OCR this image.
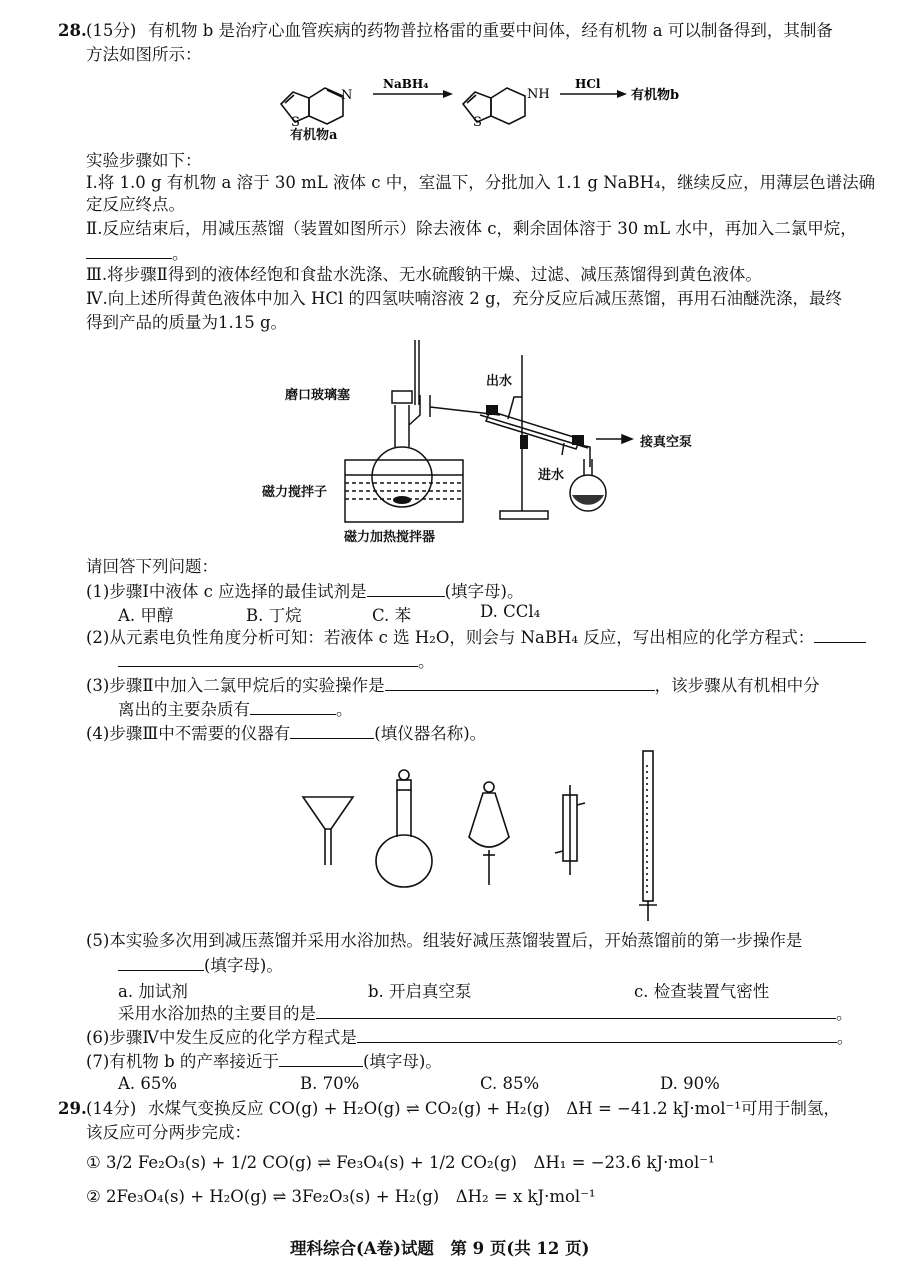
28. (15分) 有机物 b 是治疗心血管疾病的药物普拉格雷的重要中间体，经有机物 a 可以制备得到，其制备
方法如图所示：
S
N
NaBH₄
S
NH
HCl
有机物b
有机物a
实验步骤如下：
Ⅰ.将 1.0 g 有机物 a 溶于 30 mL 液体 c 中，室温下，分批加入 1.1 g NaBH₄，继续反应，用薄层色谱法确
定反应终点。
Ⅱ.反应结束后，用减压蒸馏（装置如图所示）除去液体 c，剩余固体溶于 30 mL 水中，再加入二氯甲烷，
。
Ⅲ.将步骤Ⅱ得到的液体经饱和食盐水洗涤、无水硫酸钠干燥、过滤、减压蒸馏得到黄色液体。
Ⅳ.向上述所得黄色液体中加入 HCl 的四氢呋喃溶液 2 g，充分反应后减压蒸馏，再用石油醚洗涤，最终
得到产品的质量为1.15 g。
磨口玻璃塞
出水
进水
接真空泵
磁力搅拌子
磁力加热搅拌器
请回答下列问题：
(1)步骤Ⅰ中液体 c 应选择的最佳试剂是	(填字母)。
A. 甲醇	B. 丁烷	C. 苯	D. CCl₄
(2)从元素电负性角度分析可知：若液体 c 选 H₂O，则会与 NaBH₄ 反应，写出相应的化学方程式：
。
(3)步骤Ⅱ中加入二氯甲烷后的实验操作是	，该步骤从有机相中分
离出的主要杂质有	。
(4)步骤Ⅲ中不需要的仪器有	(填仪器名称)。
(5)本实验多次用到减压蒸馏并采用水浴加热。组装好减压蒸馏装置后，开始蒸馏前的第一步操作是
(填字母)。
a. 加试剂	b. 开启真空泵	c. 检查装置气密性
采用水浴加热的主要目的是	。
(6)步骤Ⅳ中发生反应的化学方程式是	。
(7)有机物 b 的产率接近于	(填字母)。
A. 65%	B. 70%	C. 85%	D. 90%
29. (14分) 水煤气变换反应 CO(g) + H₂O(g) ⇌ CO₂(g) + H₂(g)　ΔH = −41.2 kJ·mol⁻¹可用于制氢，
该反应可分两步完成：
① 3/2 Fe₂O₃(s) + 1/2 CO(g) ⇌ Fe₃O₄(s) + 1/2 CO₂(g)　ΔH₁ = −23.6 kJ·mol⁻¹
② 2Fe₃O₄(s) + H₂O(g) ⇌ 3Fe₂O₃(s) + H₂(g)　ΔH₂ = x kJ·mol⁻¹
理科综合(A卷)试题　第 9 页(共 12 页)
